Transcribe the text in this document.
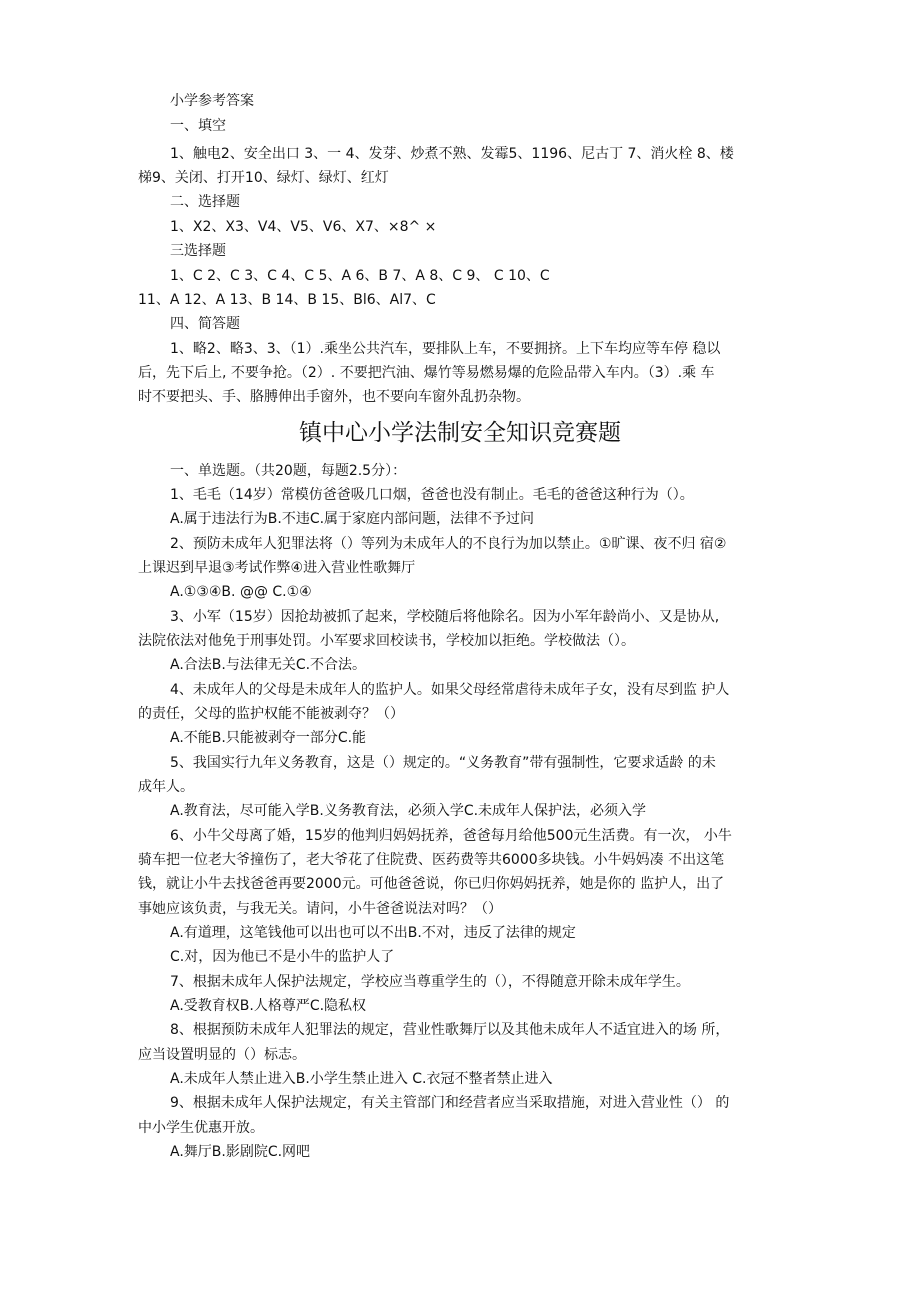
小学参考答案
一、填空
1、触电2、安全出口 3、一 4、发芽、炒煮不熟、发霉5、1196、尼古丁 7、消火栓 8、楼
梯9、关闭、打开10、绿灯、绿灯、红灯
二、选择题
1、X2、X3、V4、V5、V6、X7、×8^ ×
三选择题
1、C 2、C 3、C 4、C 5、A 6、B 7、A 8、C 9、 C 10、C
11、A 12、A 13、B 14、B 15、Bl6、Al7、C
四、简答题
1、略2、略3、3、（1）.乘坐公共汽车，要排队上车，不要拥挤。上下车均应等车停 稳以
后，先下后上, 不要争抢。（2）. 不要把汽油、爆竹等易燃易爆的危险品带入车内。（3）.乘 车
时不要把头、手、胳膊伸出手窗外，也不要向车窗外乱扔杂物。
镇中心小学法制安全知识竞赛题
一、单选题。（共20题，每题2.5分）：
1、毛毛（14岁）常模仿爸爸吸几口烟，爸爸也没有制止。毛毛的爸爸这种行为（）。
A.属于违法行为B.不违C.属于家庭内部问题，法律不予过问
2、预防未成年人犯罪法将（）等列为未成年人的不良行为加以禁止。①旷课、夜不归 宿②
上课迟到早退③考试作弊④进入营业性歌舞厅
A.①③④B. @@ C.①④
3、小军（15岁）因抢劫被抓了起来，学校随后将他除名。因为小军年龄尚小、又是协从,
法院依法对他免于刑事处罚。小军要求回校读书，学校加以拒绝。学校做法（）。
A.合法B.与法律无关C.不合法。
4、未成年人的父母是未成年人的监护人。如果父母经常虐待未成年子女，没有尽到监 护人
的责任，父母的监护权能不能被剥夺？（）
A.不能B.只能被剥夺一部分C.能
5、我国实行九年义务教育，这是（）规定的。“义务教育”带有强制性，它要求适龄 的未
成年人。
A.教育法，尽可能入学B.义务教育法，必须入学C.未成年人保护法，必须入学
6、小牛父母离了婚，15岁的他判归妈妈抚养，爸爸每月给他500元生活费。有一次， 小牛
骑车把一位老大爷撞伤了，老大爷花了住院费、医药费等共6000多块钱。小牛妈妈凑 不出这笔
钱，就让小牛去找爸爸再要2000元。可他爸爸说，你已归你妈妈抚养，她是你的 监护人，出了
事她应该负责，与我无关。请问，小牛爸爸说法对吗？（）
A.有道理，这笔钱他可以出也可以不出B.不对，违反了法律的规定
C.对，因为他已不是小牛的监护人了
7、根据未成年人保护法规定，学校应当尊重学生的（），不得随意开除未成年学生。
A.受教育权B.人格尊严C.隐私权
8、根据预防未成年人犯罪法的规定，营业性歌舞厅以及其他未成年人不适宜进入的场 所，
应当设置明显的（）标志。
A.未成年人禁止进入B.小学生禁止进入 C.衣冠不整者禁止进入
9、根据未成年人保护法规定，有关主管部门和经营者应当采取措施，对进入营业性（） 的
中小学生优惠开放。
A.舞厅B.影剧院C.网吧
